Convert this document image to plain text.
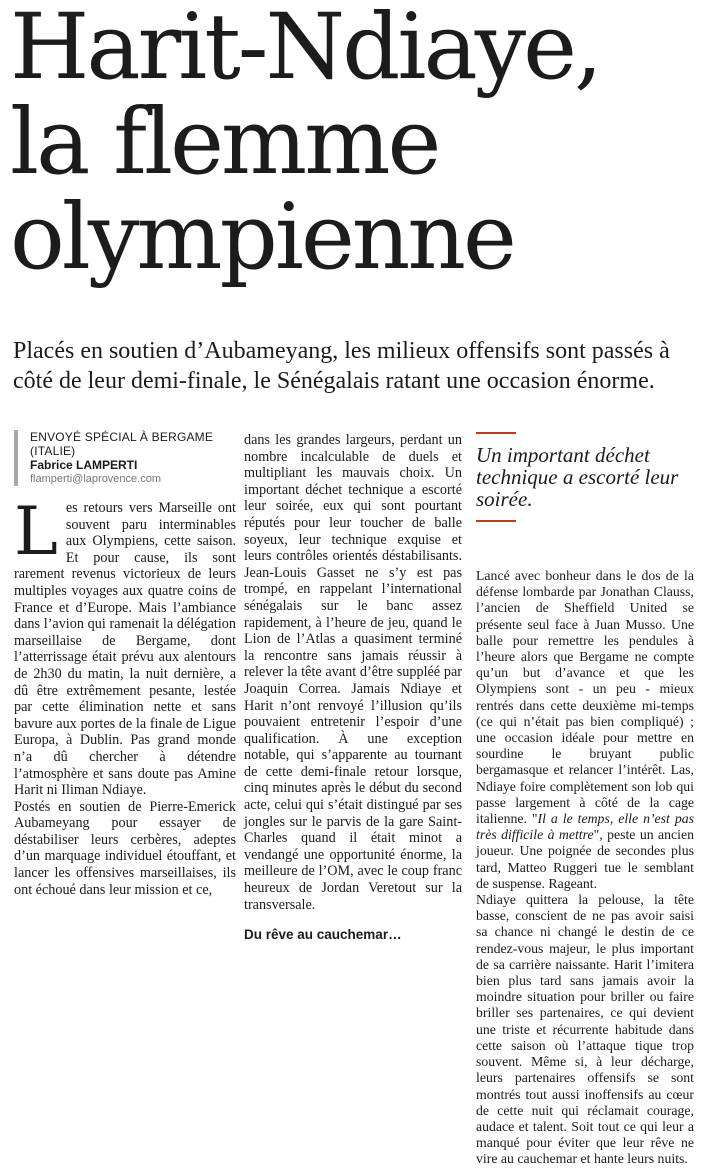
Harit-Ndiaye,
la flemme
olympienne
Placés en soutien d’Aubameyang, les milieux offensifs sont passés à côté de leur demi-finale, le Sénégalais ratant une occasion énorme.
ENVOYÉ SPÉCIAL À BERGAME (ITALIE)
Fabrice LAMPERTI
flamperti@laprovence.com

Les retours vers Marseille ont souvent paru interminables aux Olympiens, cette saison. Et pour cause, ils sont rarement revenus victorieux de leurs multiples voyages aux quatre coins de France et d’Europe. Mais l’ambiance dans l’avion qui ramenait la délégation marseillaise de Bergame, dont l’atterrissage était prévu aux alentours de 2h30 du matin, la nuit dernière, a dû être extrêmement pesante, lestée par cette élimination nette et sans bavure aux portes de la finale de Ligue Europa, à Dublin. Pas grand monde n’a dû chercher à détendre l’atmosphère et sans doute pas Amine Harit ni Iliman Ndiaye.

Postés en soutien de Pierre-Emerick Aubameyang pour essayer de déstabiliser leurs cerbères, adeptes d’un marquage individuel étouffant, et lancer les offensives marseillaises, ils ont échoué dans leur mission et ce,

Un important déchet technique a escorté leur soirée.

dans les grandes largeurs, perdant un nombre incalculable de duels et multipliant les mauvais choix. Un important déchet technique a escorté leur soirée, eux qui sont pourtant réputés pour leur toucher de balle soyeux, leur technique exquise et leurs contrôles orientés déstabilisants. Jean-Louis Gasset ne s’y est pas trompé, en rappelant l’international sénégalais sur le banc assez rapidement, à l’heure de jeu, quand le Lion de l’Atlas a quasiment terminé la rencontre sans jamais réussir à relever la tête avant d’être suppléé par Joaquin Correa. Jamais Ndiaye et Harit n’ont renvoyé l’illusion qu’ils pouvaient entretenir l’espoir d’une qualification. À une exception notable, qui s’apparente au tournant de cette demi-finale retour lorsque, cinq minutes après le début du second acte, celui qui s’était distingué par ses jongles sur le parvis de la gare Saint-Charles quand il était minot a vendangé une opportunité énorme, la meilleure de l’OM, avec le coup franc heureux de Jordan Veretout sur la transversale.

Du rêve au cauchemar…

Lancé avec bonheur dans le dos de la défense lombarde par Jonathan Clauss, l’ancien de Sheffield United se présente seul face à Juan Musso. Une balle pour remettre les pendules à l’heure alors que Bergame ne compte qu’un but d’avance et que les Olympiens sont - un peu - mieux rentrés dans cette deuxième mi-temps (ce qui n’était pas bien compliqué) ; une occasion idéale pour mettre en sourdine le bruyant public bergamasque et relancer l’intérêt. Las, Ndiaye foire complètement son lob qui passe largement à côté de la cage italienne. "Il a le temps, elle n’est pas très difficile à mettre", peste un ancien joueur. Une poignée de secondes plus tard, Matteo Ruggeri tue le semblant de suspense. Rageant.

Ndiaye quittera la pelouse, la tête basse, conscient de ne pas avoir saisi sa chance ni changé le destin de ce rendez-vous majeur, le plus important de sa carrière naissante. Harit l’imitera bien plus tard sans jamais avoir la moindre situation pour briller ou faire briller ses partenaires, ce qui devient une triste et récurrente habitude dans cette saison où l’attaque tique trop souvent. Même si, à leur décharge, leurs partenaires offensifs se sont montrés tout aussi inoffensifs au cœur de cette nuit qui réclamait courage, audace et talent. Soit tout ce qui leur a manqué pour éviter que leur rêve ne vire au cauchemar et hante leurs nuits.
